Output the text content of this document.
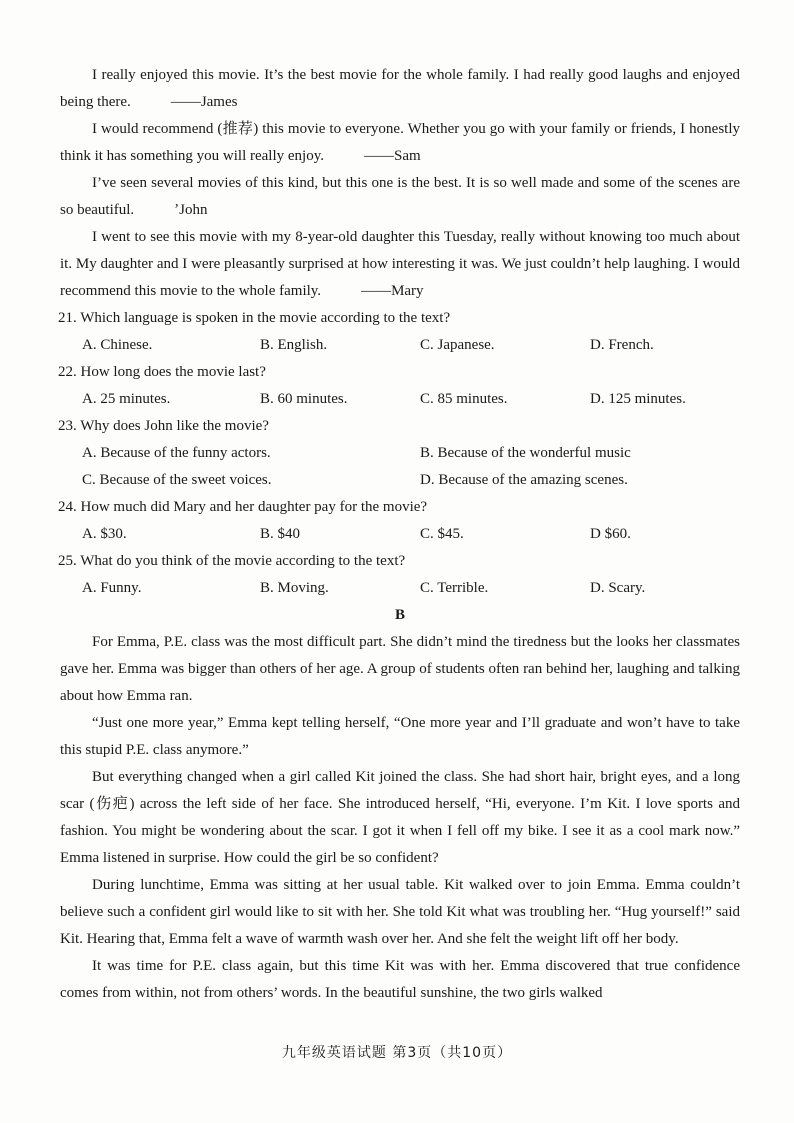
I really enjoyed this movie. It’s the best movie for the whole family. I had really good laughs and enjoyed being there.	——James

I would recommend (推荐) this movie to everyone. Whether you go with your family or friends, I honestly think it has something you will really enjoy.	——Sam

I’ve seen several movies of this kind, but this one is the best. It is so well made and some of the scenes are so beautiful.	ʼJohn

I went to see this movie with my 8-year-old daughter this Tuesday, really without knowing too much about it. My daughter and I were pleasantly surprised at how interesting it was. We just couldn’t help laughing. I would recommend this movie to the whole family.	——Mary

21. Which language is spoken in the movie according to the text?

A. Chinese.	B. English.	C. Japanese.	D. French.

22. How long does the movie last?

A. 25 minutes.	B. 60 minutes.	C. 85 minutes.	D. 125 minutes.

23. Why does John like the movie?

A. Because of the funny actors.	B. Because of the wonderful music

C. Because of the sweet voices.	D. Because of the amazing scenes.

24. How much did Mary and her daughter pay for the movie?

A. $30.	B. $40	C. $45.	D $60.

25. What do you think of the movie according to the text?

A. Funny.	B. Moving.	C. Terrible.	D. Scary.

B

For Emma, P.E. class was the most difficult part. She didn’t mind the tiredness but the looks her classmates gave her. Emma was bigger than others of her age. A group of students often ran behind her, laughing and talking about how Emma ran.

“Just one more year,” Emma kept telling herself, “One more year and I’ll graduate and won’t have to take this stupid P.E. class anymore.”

But everything changed when a girl called Kit joined the class. She had short hair, bright eyes, and a long scar (伤疤) across the left side of her face. She introduced herself, “Hi, everyone. I’m Kit. I love sports and fashion. You might be wondering about the scar. I got it when I fell off my bike. I see it as a cool mark now.” Emma listened in surprise. How could the girl be so confident?

During lunchtime, Emma was sitting at her usual table. Kit walked over to join Emma. Emma couldn’t believe such a confident girl would like to sit with her. She told Kit what was troubling her. “Hug yourself!” said Kit. Hearing that, Emma felt a wave of warmth wash over her. And she felt the weight lift off her body.

It was time for P.E. class again, but this time Kit was with her. Emma discovered that true confidence comes from within, not from others’ words. In the beautiful sunshine, the two girls walked

九年级英语试题 第3页（共10页）
